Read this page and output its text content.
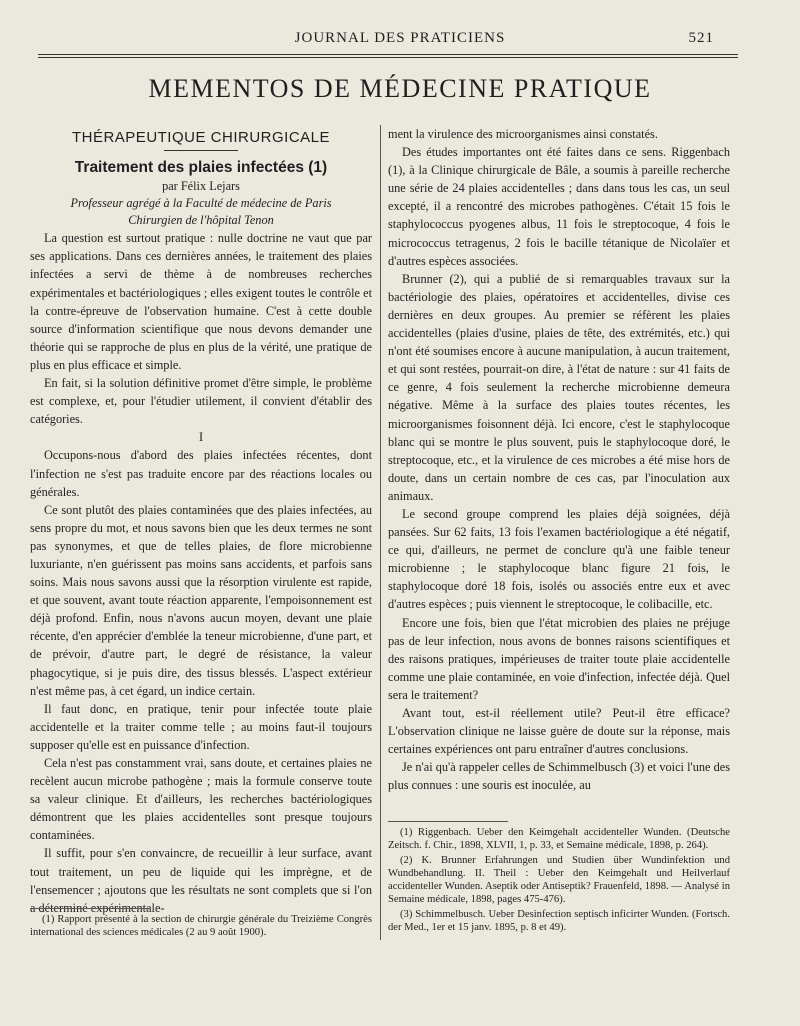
JOURNAL DES PRATICIENS	521
MEMENTOS DE MÉDECINE PRATIQUE
THÉRAPEUTIQUE CHIRURGICALE
Traitement des plaies infectées (1)
par Félix Lejars
Professeur agrégé à la Faculté de médecine de Paris
Chirurgien de l'hôpital Tenon

La question est surtout pratique : nulle doctrine ne vaut que par ses applications. Dans ces dernières années, le traitement des plaies infectées a servi de thème à de nombreuses recherches expérimentales et bactériologiques ; elles exigent toutes le contrôle et la contre-épreuve de l'observation humaine. C'est à cette double source d'information scientifique que nous devons demander une théorie qui se rapproche de plus en plus de la vérité, une pratique de plus en plus efficace et simple.

En fait, si la solution définitive promet d'être simple, le problème est complexe, et, pour l'étudier utilement, il convient d'établir des catégories.

I

Occupons-nous d'abord des plaies infectées récentes, dont l'infection ne s'est pas traduite encore par des réactions locales ou générales.

Ce sont plutôt des plaies contaminées que des plaies infectées, au sens propre du mot, et nous savons bien que les deux termes ne sont pas synonymes, et que de telles plaies, de flore microbienne luxuriante, n'en guérissent pas moins sans accidents, et parfois sans soins. Mais nous savons aussi que la résorption virulente est rapide, et que souvent, avant toute réaction apparente, l'empoisonnement est déjà profond. Enfin, nous n'avons aucun moyen, devant une plaie récente, d'en apprécier d'emblée la teneur microbienne, d'une part, et de prévoir, d'autre part, le degré de résistance, la valeur phagocytique, si je puis dire, des tissus blessés. L'aspect extérieur n'est même pas, à cet égard, un indice certain.

Il faut donc, en pratique, tenir pour infectée toute plaie accidentelle et la traiter comme telle ; au moins faut-il toujours supposer qu'elle est en puissance d'infection.

Cela n'est pas constamment vrai, sans doute, et certaines plaies ne recèlent aucun microbe pathogène ; mais la formule conserve toute sa valeur clinique. Et d'ailleurs, les recherches bactériologiques démontrent que les plaies accidentelles sont presque toujours contaminées.

Il suffit, pour s'en convaincre, de recueillir à leur surface, avant tout traitement, un peu de liquide qui les imprègne, et de l'ensemencer ; ajoutons que les résultats ne sont complets que si l'on a déterminé expérimentale-

(1) Rapport présenté à la section de chirurgie générale du Treizième Congrès international des sciences médicales (2 au 9 août 1900).

ment la virulence des microorganismes ainsi constatés.

Des études importantes ont été faites dans ce sens. Riggenbach (1), à la Clinique chirurgicale de Bâle, a soumis à pareille recherche une série de 24 plaies accidentelles ; dans dans tous les cas, un seul excepté, il a rencontré des microbes pathogènes. C'était 15 fois le staphylococcus pyogenes albus, 11 fois le streptocoque, 4 fois le micrococcus tetragenus, 2 fois le bacille tétanique de Nicolaïer et d'autres espèces associées.

Brunner (2), qui a publié de si remarquables travaux sur la bactériologie des plaies, opératoires et accidentelles, divise ces dernières en deux groupes. Au premier se réfèrent les plaies accidentelles (plaies d'usine, plaies de tête, des extrémités, etc.) qui n'ont été soumises encore à aucune manipulation, à aucun traitement, et qui sont restées, pourrait-on dire, à l'état de nature : sur 41 faits de ce genre, 4 fois seulement la recherche microbienne demeura négative. Même à la surface des plaies toutes récentes, les microorganismes foisonnent déjà. Ici encore, c'est le staphylocoque blanc qui se montre le plus souvent, puis le staphylocoque doré, le streptocoque, etc., et la virulence de ces microbes a été mise hors de doute, dans un certain nombre de ces cas, par l'inoculation aux animaux.

Le second groupe comprend les plaies déjà soignées, déjà pansées. Sur 62 faits, 13 fois l'examen bactériologique a été négatif, ce qui, d'ailleurs, ne permet de conclure qu'à une faible teneur microbienne ; le staphylocoque blanc figure 21 fois, le staphylocoque doré 18 fois, isolés ou associés entre eux et avec d'autres espèces ; puis viennent le streptocoque, le colibacille, etc.

Encore une fois, bien que l'état microbien des plaies ne préjuge pas de leur infection, nous avons de bonnes raisons scientifiques et des raisons pratiques, impérieuses de traiter toute plaie accidentelle comme une plaie contaminée, en voie d'infection, infectée déjà. Quel sera le traitement?

Avant tout, est-il réellement utile? Peut-il être efficace? L'observation clinique ne laisse guère de doute sur la réponse, mais certaines expériences ont paru entraîner d'autres conclusions.

Je n'ai qu'à rappeler celles de Schimmelbusch (3) et voici l'une des plus connues : une souris est inoculée, au

(1) Riggenbach. Ueber den Keimgehalt accidenteller Wunden. (Deutsche Zeitsch. f. Chir., 1898, XLVII, 1, p. 33, et Semaine médicale, 1898, p. 264).

(2) K. Brunner Erfahrungen und Studien über Wundinfektion und Wundbehandlung. II. Theil : Ueber den Keimgehalt und Heilverlauf accidenteller Wunden. Aseptik oder Antiseptik? Frauenfeld, 1898. — Analysé in Semaine médicale, 1898, pages 475-476).

(3) Schimmelbusch. Ueber Desinfection septisch inficirter Wunden. (Fortsch. der Med., 1er et 15 janv. 1895, p. 8 et 49).
